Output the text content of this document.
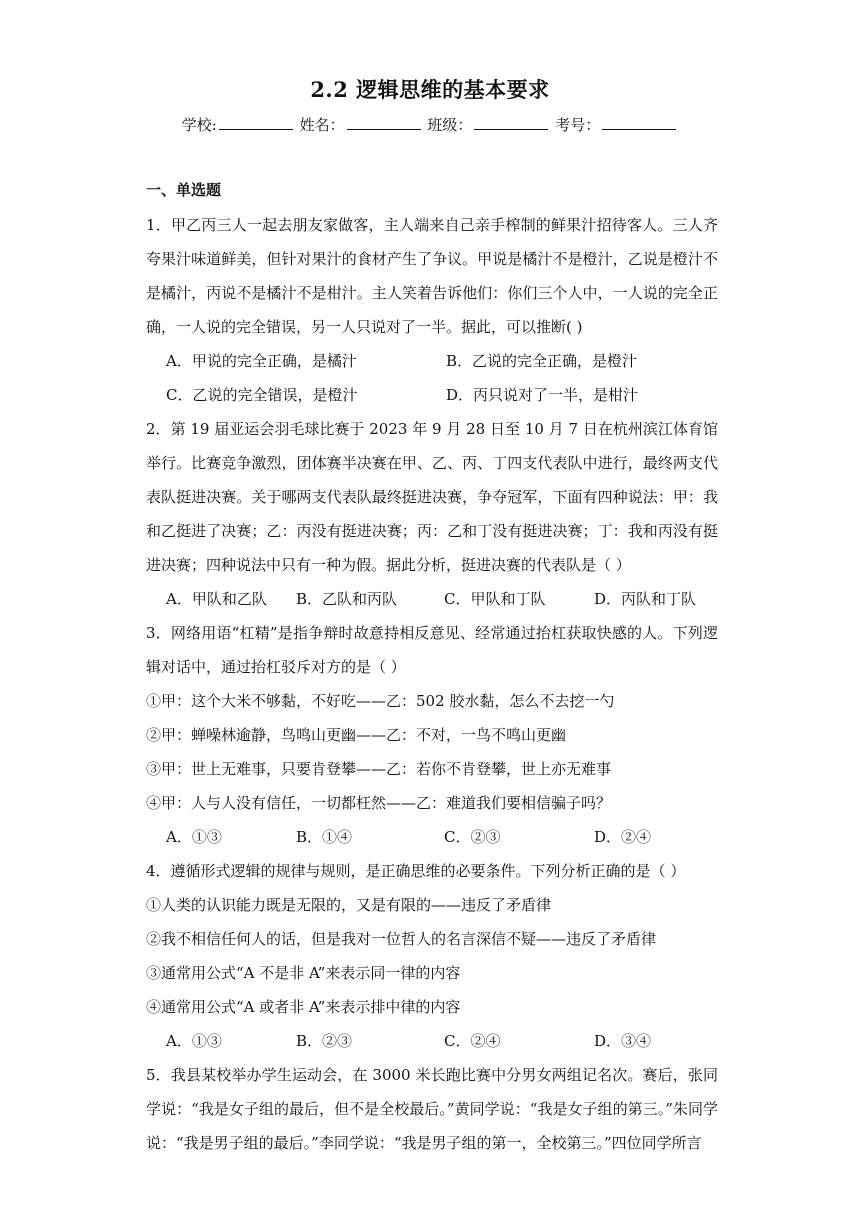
2.2 逻辑思维的基本要求
学校:	姓名：	班级：	考号：
一、单选题
1．甲乙丙三人一起去朋友家做客，主人端来自己亲手榨制的鲜果汁招待客人。三人齐夸果汁味道鲜美，但针对果汁的食材产生了争议。甲说是橘汁不是橙汁，乙说是橙汁不是橘汁，丙说不是橘汁不是柑汁。主人笑着告诉他们：你们三个人中，一人说的完全正确，一人说的完全错误，另一人只说对了一半。据此，可以推断( )
A．甲说的完全正确，是橘汁	B．乙说的完全正确，是橙汁
C．乙说的完全错误，是橙汁	D．丙只说对了一半，是柑汁
2．第 19 届亚运会羽毛球比赛于 2023 年 9 月 28 日至 10 月 7 日在杭州滨江体育馆举行。比赛竞争激烈，团体赛半决赛在甲、乙、丙、丁四支代表队中进行，最终两支代表队挺进决赛。关于哪两支代表队最终挺进决赛，争夺冠军，下面有四种说法：甲：我和乙挺进了决赛；乙：丙没有挺进决赛；丙：乙和丁没有挺进决赛；丁：我和丙没有挺进决赛；四种说法中只有一种为假。据此分析，挺进决赛的代表队是（ ）
A．甲队和乙队 B．乙队和丙队	C．甲队和丁队	D．丙队和丁队
3．网络用语“杠精”是指争辩时故意持相反意见、经常通过抬杠获取快感的人。下列逻辑对话中，通过抬杠驳斥对方的是（ ）
①甲：这个大米不够黏，不好吃——乙：502 胶水黏，怎么不去挖一勺
②甲：蝉噪林逾静，鸟鸣山更幽——乙：不对，一鸟不鸣山更幽
③甲：世上无难事，只要肯登攀——乙：若你不肯登攀，世上亦无难事
④甲：人与人没有信任，一切都枉然——乙：难道我们要相信骗子吗？
A．①③	B．①④	C．②③	D．②④
4．遵循形式逻辑的规律与规则，是正确思维的必要条件。下列分析正确的是（ ）
①人类的认识能力既是无限的，又是有限的——违反了矛盾律
②我不相信任何人的话，但是我对一位哲人的名言深信不疑——违反了矛盾律
③通常用公式“A 不是非 A”来表示同一律的内容
④通常用公式“A 或者非 A”来表示排中律的内容
A．①③	B．②③	C．②④	D．③④
5．我县某校举办学生运动会，在 3000 米长跑比赛中分男女两组记名次。赛后，张同学说：“我是女子组的最后，但不是全校最后。”黄同学说：“我是女子组的第三。”朱同学说：“我是男子组的最后。”李同学说：“我是男子组的第一，全校第三。”四位同学所言
